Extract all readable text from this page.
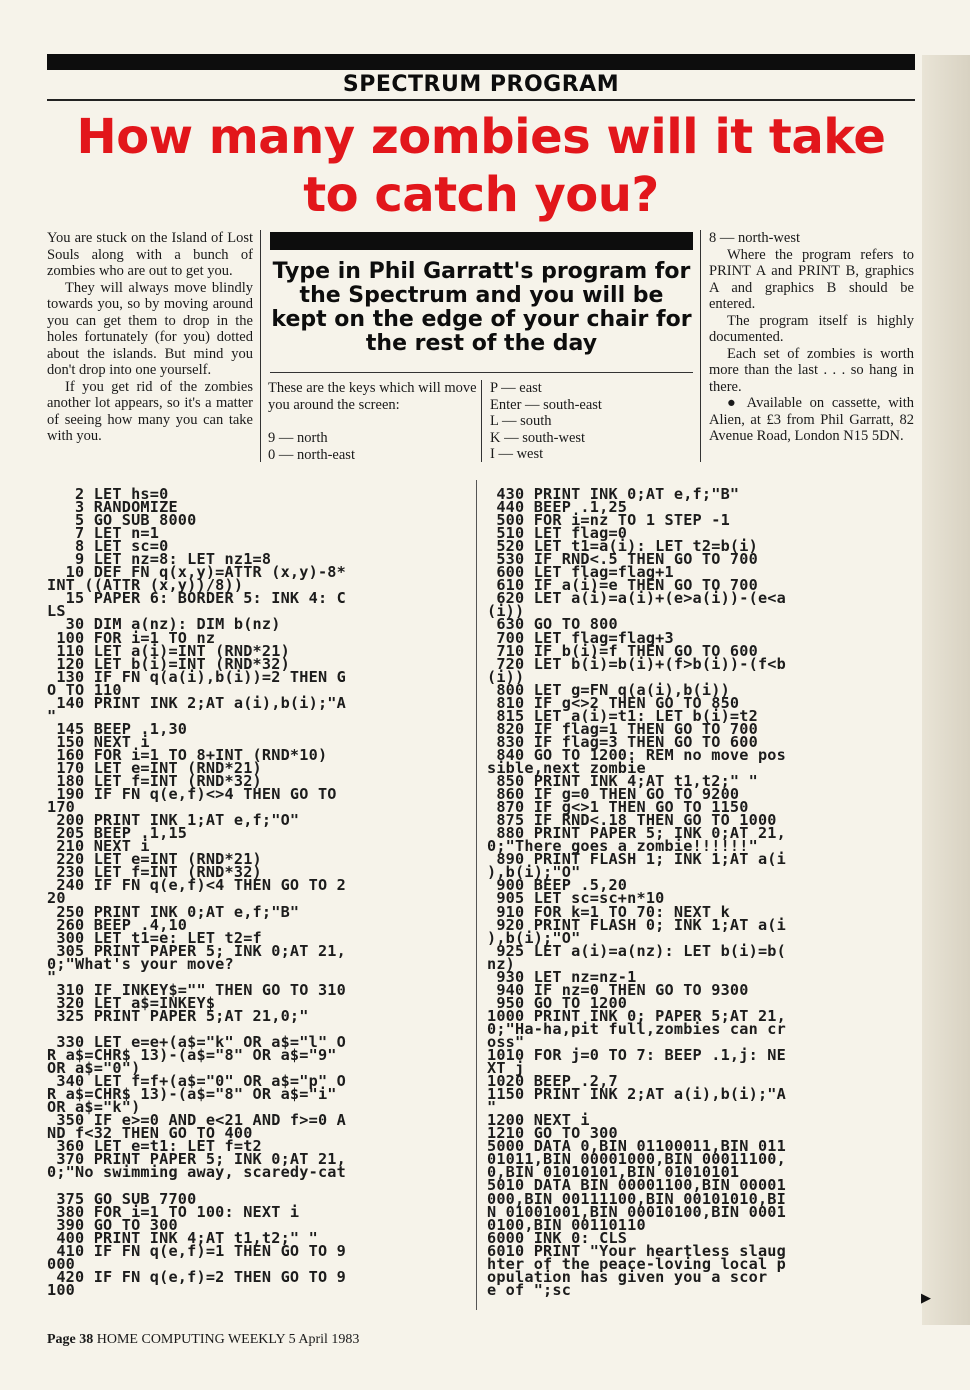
SPECTRUM PROGRAM
How many zombies will it take to catch you?

You are stuck on the Island of Lost Souls along with a bunch of zombies who are out to get you.

They will always move blindly towards you, so by moving around you can get them to drop in the holes fortunately (for you) dotted about the islands. But mind you don't drop into one yourself.

If you get rid of the zombies another lot appears, so it's a matter of seeing how many you can take with you.

Type in Phil Garratt's program for the Spectrum and you will be kept on the edge of your chair for the rest of the day
These are the keys which will move you around the screen:

9 — north

0 — north-east

P — east

Enter — south-east

L — south

K — south-west

I — west

8 — north-west

Where the program refers to PRINT A and PRINT B, graphics A and graphics B should be entered.

The program itself is highly documented.

Each set of zombies is worth more than the last . . . so hang in there.

● Available on cassette, with Alien, at £3 from Phil Garratt, 82 Avenue Road, London N15 5DN.

2 LET hs=0
3 RANDOMIZE
5 GO SUB 8000
7 LET n=1
8 LET sc=0
9 LET nz=8: LET nz1=8
10 DEF FN q(x,y)=ATTR (x,y)-8*
INT ((ATTR (x,y))/8))
15 PAPER 6: BORDER 5: INK 4: C
LS
30 DIM a(nz): DIM b(nz)
100 FOR i=1 TO nz
110 LET a(i)=INT (RND*21)
120 LET b(i)=INT (RND*32)
130 IF FN q(a(i),b(i))=2 THEN G
O TO 110
140 PRINT INK 2;AT a(i),b(i);"A
"
145 BEEP .1,30
150 NEXT i
160 FOR i=1 TO 8+INT (RND*10)
170 LET e=INT (RND*21)
180 LET f=INT (RND*32)
190 IF FN q(e,f)<>4 THEN GO TO
170
200 PRINT INK 1;AT e,f;"O"
205 BEEP .1,15
210 NEXT i
220 LET e=INT (RND*21)
230 LET f=INT (RND*32)
240 IF FN q(e,f)<4 THEN GO TO 2
20
250 PRINT INK 0;AT e,f;"B"
260 BEEP .4,10
300 LET t1=e: LET t2=f
305 PRINT PAPER 5; INK 0;AT 21,
0;"What's your move?
"
310 IF INKEY$="" THEN GO TO 310
320 LET a$=INKEY$
325 PRINT PAPER 5;AT 21,0;"

330 LET e=e+(a$="k" OR a$="l" O
R a$=CHR$ 13)-(a$="8" OR a$="9"
OR a$="0")
340 LET f=f+(a$="0" OR a$="p" O
R a$=CHR$ 13)-(a$="8" OR a$="i"
OR a$="k")
350 IF e>=0 AND e<21 AND f>=0 A
ND f<32 THEN GO TO 400
360 LET e=t1: LET f=t2
370 PRINT PAPER 5; INK 0;AT 21,
0;"No swimming away, scaredy-cat

375 GO SUB 7700
380 FOR i=1 TO 100: NEXT i
390 GO TO 300
400 PRINT INK 4;AT t1,t2;" "
410 IF FN q(e,f)=1 THEN GO TO 9
000
420 IF FN q(e,f)=2 THEN GO TO 9
100
430 PRINT INK 0;AT e,f;"B"
440 BEEP .1,25
500 FOR i=nz TO 1 STEP -1
510 LET flag=0
520 LET t1=a(i): LET t2=b(i)
530 IF RND<.5 THEN GO TO 700
600 LET flag=flag+1
610 IF a(i)=e THEN GO TO 700
620 LET a(i)=a(i)+(e>a(i))-(e<a
(i))
630 GO TO 800
700 LET flag=flag+3
710 IF b(i)=f THEN GO TO 600
720 LET b(i)=b(i)+(f>b(i))-(f<b
(i))
800 LET g=FN q(a(i),b(i))
810 IF g<>2 THEN GO TO 850
815 LET a(i)=t1: LET b(i)=t2
820 IF flag=1 THEN GO TO 700
830 IF flag=3 THEN GO TO 600
840 GO TO 1200: REM no move pos
sible,next zombie
850 PRINT INK 4;AT t1,t2;" "
860 IF g=0 THEN GO TO 9200
870 IF g<>1 THEN GO TO 1150
875 IF RND<.18 THEN GO TO 1000
880 PRINT PAPER 5; INK 0;AT 21,
0;"There goes a zombie!!!!!!"
890 PRINT FLASH 1; INK 1;AT a(i
),b(i);"O"
900 BEEP .5,20
905 LET sc=sc+n*10
910 FOR k=1 TO 70: NEXT k
920 PRINT FLASH 0; INK 1;AT a(i
),b(i);"O"
925 LET a(i)=a(nz): LET b(i)=b(
nz)
930 LET nz=nz-1
940 IF nz=0 THEN GO TO 9300
950 GO TO 1200
1000 PRINT INK 0; PAPER 5;AT 21,
0;"Ha-ha,pit full,zombies can cr
oss"
1010 FOR j=0 TO 7: BEEP .1,j: NE
XT j
1020 BEEP .2,7
1150 PRINT INK 2;AT a(i),b(i);"A
"
1200 NEXT i
1210 GO TO 300
5000 DATA 0,BIN 01100011,BIN 011
01011,BIN 00001000,BIN 00011100,
0,BIN 01010101,BIN 01010101
5010 DATA BIN 00001100,BIN 00001
000,BIN 00111100,BIN 00101010,BI
N 01001001,BIN 00010100,BIN 0001
0100,BIN 00110110
6000 INK 0: CLS
6010 PRINT "Your heartless slaug
hter of the peace-loving local p
opulation has given you a scor
e of ";sc	▶
Page 38 HOME COMPUTING WEEKLY 5 April 1983
